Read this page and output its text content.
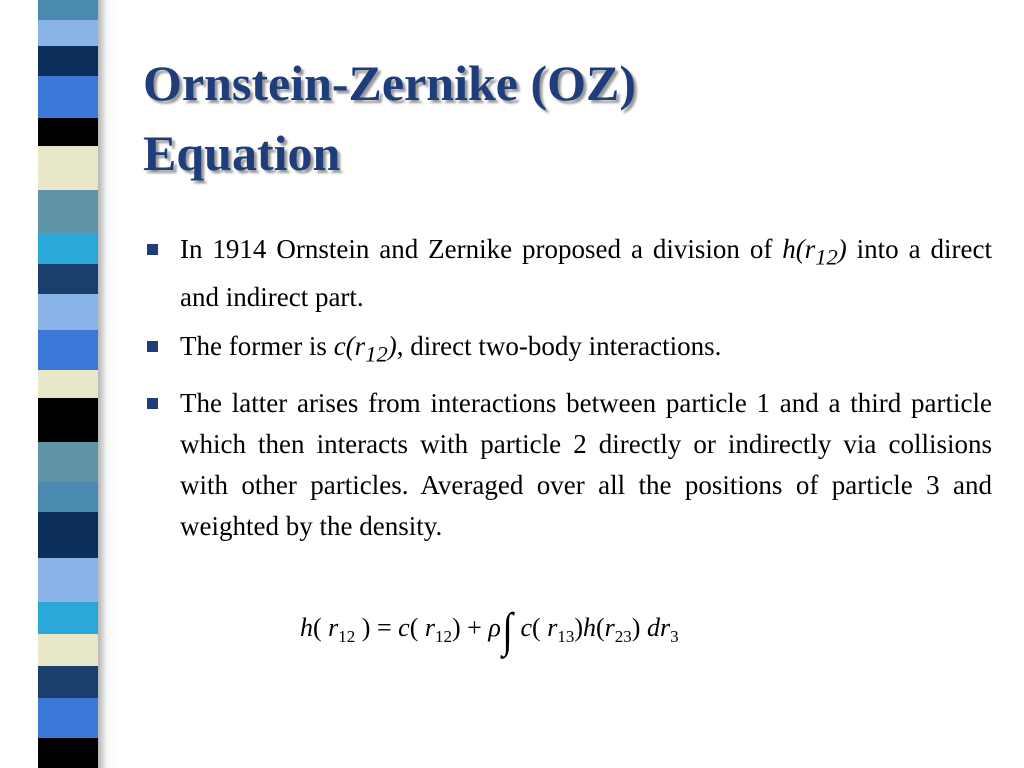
Ornstein-Zernike (OZ)
Equation
In 1914 Ornstein and Zernike proposed a division of $h(r_{12})$ into a direct and indirect part.
The former is $c(r_{12})$, direct two-body interactions.
The latter arises from interactions between particle 1 and a third particle which then interacts with particle 2 directly or indirectly via collisions with other particles. Averaged over all the positions of particle 3 and weighted by the density.
h( $r_{12}$ ) = c( $r_{12}) + \rho\int$ c( $r_{13})h(r_{23})$ $dr_3$
